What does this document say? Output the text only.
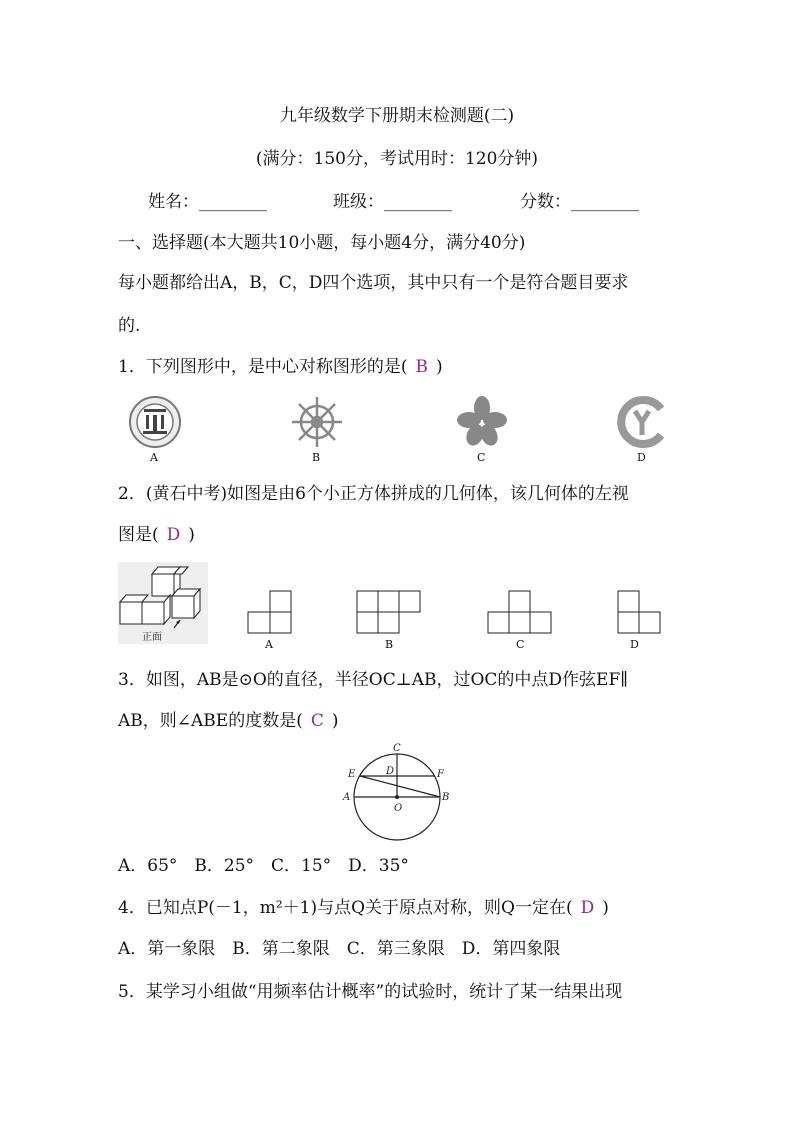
九年级数学下册期末检测题(二)
(满分：150分，考试用时：120分钟)
姓名：________	班级：________	分数：________
一、选择题(本大题共10小题，每小题4分，满分40分)
每小题都给出A，B，C，D四个选项，其中只有一个是符合题目要求
的.
1．下列图形中，是中心对称图形的是( B )
A	B	C	D
2．(黄石中考)如图是由6个小正方体拼成的几何体，该几何体的左视
图是( D )
正面
A	B	C	D
3．如图，AB是⊙O的直径，半径OC⊥AB，过OC的中点D作弦EF∥
AB，则∠ABE的度数是( C )
C
D
E	F
A	B
O
A．65°　B．25°　C．15°　D．35°
4．已知点P(－1，m²＋1)与点Q关于原点对称，则Q一定在( D )
A．第一象限　B．第二象限　C．第三象限　D．第四象限
5．某学习小组做“用频率估计概率”的试验时，统计了某一结果出现
